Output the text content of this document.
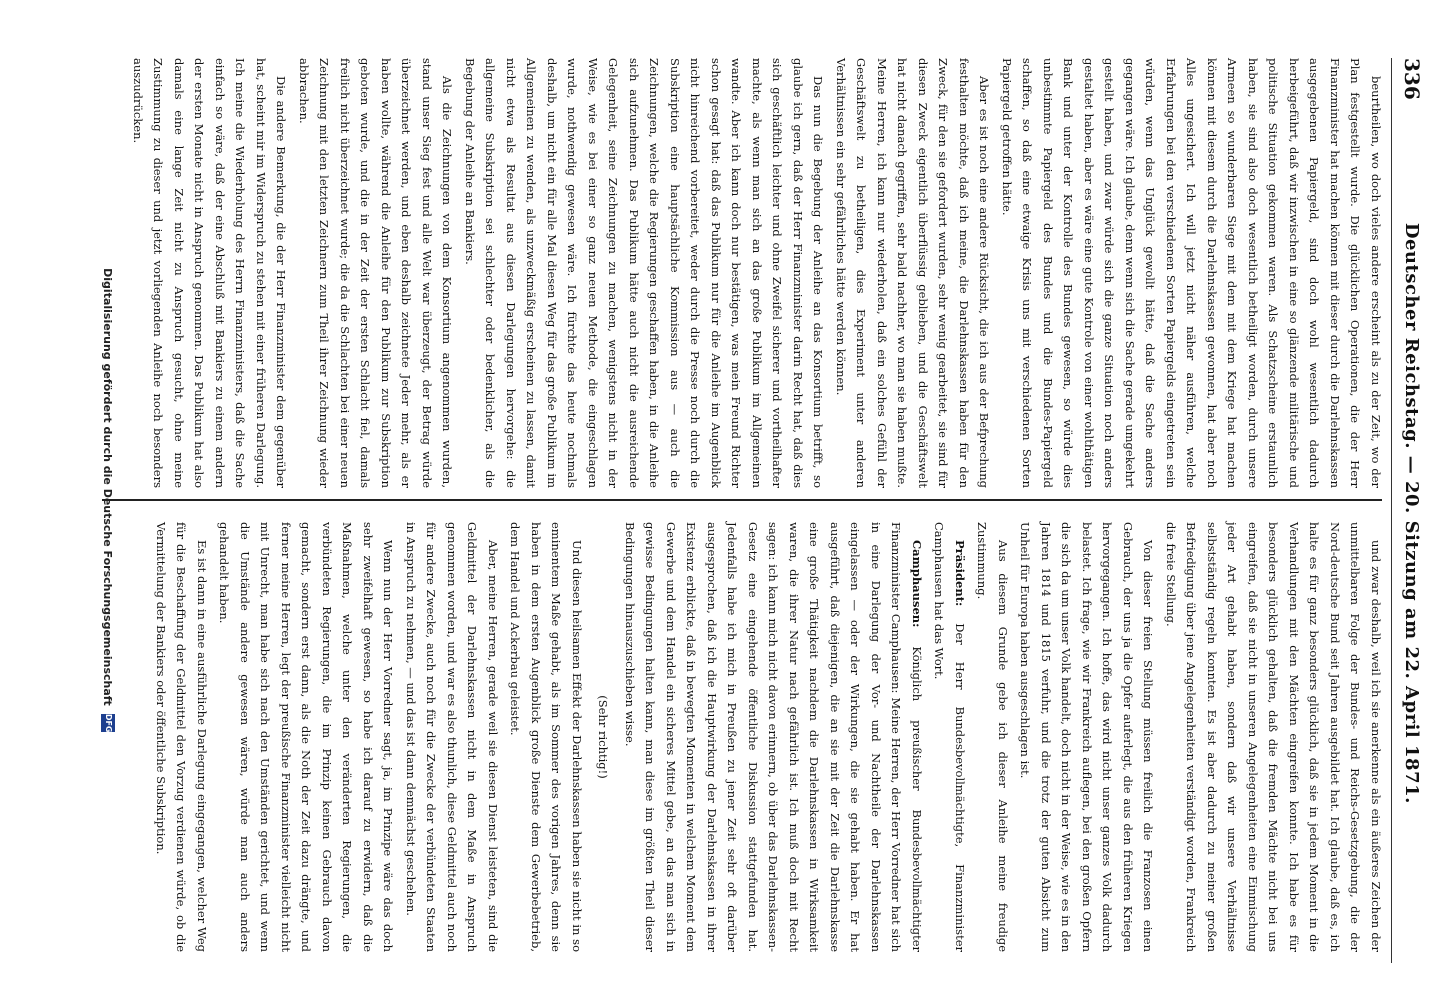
336
Deutscher Reichstag. — 20. Sitzung am 22. April 1871.

beurtheilen, wo doch vieles andere erscheint als zu der Zeit, wo der Plan festgestellt wurde. Die glücklichen Operationen, die der Herr Finanzminister hat machen können mit dieser durch die Darlehnskassen ausgegebenen Papiergeld, sind doch wohl wesentlich dadurch herbeigeführt, daß wir inzwischen in eine so glänzende militärische und politische Situation gekommen waren. Als Schatzscheine erstaunlich haben, sie sind also doch wesentlich betheiligt worden, durch unsere Armeen so wunderbaren Siege mit dem mit dem Kriege hat machen können mit diesem durch die Darlehnskassen gewonnen, hat aber noch Alles ungesichert. Ich will jetzt nicht näher ausführen, welche Erfahrungen bei den verschiedenen Sorten Papiergelds eingetreten sein würden, wenn das Unglück gewollt hätte, daß die Sache anders gegangen wäre. Ich glaube, denn wenn sich die Sache gerade umgekehrt gestellt haben, und zwar würde sich die ganze Situation noch anders gestaltet haben, aber es wäre eine gute Kontrole von einer wohlthätigen Bank und unter der Kontrolle des Bundes gewesen, so würde dies unbestimmte Papiergeld des Bundes und die Bundes-Papiergeld schaffen, so daß eine etwaige Krisis uns mit verschiedenen Sorten Papiergeld getroffen hätte.

Aber es ist noch eine andere Rücksicht, die ich aus der Befprechung festhalten möchte, daß ich meine, die Darlehnskassen haben für den Zweck, für den sie gefordert wurden, sehr wenig gearbeitet, sie sind für diesen Zweck eigentlich überflüssig geblieben, und die Geschäftswelt hat nicht danach gegriffen, sehr bald nachher, wo man sie haben mußte. Meine Herren, ich kann nur wiederholen, daß ein solches Gefühl der Geschäftswelt zu betheiligen, dies Experiment unter anderen Verhältnissen ein sehr gefährliches hätte werden können.

Das nun die Begebung der Anleihe an das Konsortium betrifft, so glaube ich gern, daß der Herr Finanzminister darin Recht hat, daß dies sich geschäftlich leichter und ohne Zweifel sicherer und vortheilhafter machte, als wenn man sich an das große Publikum im Allgemeinen wandte. Aber ich kann doch nur bestätigen, was mein Freund Richter schon gesagt hat: daß das Publikum nur für die Anleihe im Augenblick nicht hinreichend vorbereitet, weder durch die Presse noch durch die Subskription eine hauptsächliche Kommission aus — auch die Zeichnungen, welche die Regierungen geschaffen haben, in die Anleihe sich aufzunehmen. Das Publikum hätte auch nicht die ausreichende Gelegenheit, seine Zeichnungen zu machen, wenigstens nicht in der Weise, wie es bei einer so ganz neuen Methode, die eingeschlagen wurde, nothwendig gewesen wäre. Ich fürchte das heute nochmals deshalb, um nicht ein für alle Mal diesen Weg für das große Publikum im Allgemeinen zu wenden, als unzweckmäßig erscheinen zu lassen, damit nicht etwa als Resultat aus diesen Darlegungen hervorgehe: die allgemeine Subskription sei schlechter oder bedenklicher, als die Begebung der Anleihe an Bankiers.

Als die Zeichnungen von dem Konsortium angenommen wurden, stand unser Sieg fest und alle Welt war überzeugt, der Betrag würde überzeichnet werden, und eben deshalb zeichnete Jeder mehr, als er haben wollte, während die Anleihe für den Publikum zur Subskription geboten wurde, und die in der Zeit der ersten Schlacht fiel, damals freilich nicht überzeichnet wurde; die da die Schlachten bei einer neuen Zeichnung mit den letzten Zeichnern zum Theil ihrer Zeichnung wieder abbrachen.

Die andere Bemerkung, die der Herr Finanzminister dem gegenüber hat, scheint mir im Widerspruch zu stehen mit einer früheren Darlegung. Ich meine die Wiederholung des Herrn Finanzministers, daß die Sache einfach so wäre, daß der eine Abschluß mit Bankiers zu einem andern der ersten Monate nicht in Anspruch genommen. Das Publikum hat also damals eine lange Zeit nicht zu Anspruch gesucht, ohne meine Zustimmung zu dieser und jetzt vorliegenden Anleihe noch besonders auszudrücken.

und zwar deshalb, weil ich sie anerkenne als ein äußeres Zeichen der unmittelbaren Folge der Bundes- und Reichs-Gesetzgebung, die der Nord-deutsche Bund seit Jahren ausgebildet hat. Ich glaube, daß es, ich halte es für ganz besonders glücklich, daß sie in jedem Moment in die Verhandlungen mit den Mächten eingreifen konnte. Ich habe es für besonders glücklich gehalten, daß die fremden Mächte nicht bei uns eingreifen, daß sie nicht in unseren Angelegenheiten eine Einmischung jeder Art gehabt haben, sondern daß wir unsere Verhältnisse selbstständig regeln konnten. Es ist aber dadurch zu meiner großen Befriedigung über jene Angelegenheiten verständigt worden, Frankreich die freie Stellung.

Von dieser freien Stellung müssen freilich die Franzosen einen Gebrauch, der uns ja die Opfer auferlegt, die aus den früheren Kriegen hervorgegangen. Ich hoffe, das wird nicht unser ganzes Volk dadurch belastet. Ich frage, wie wir Frankreich auflegen, bei den großen Opfern die sich da um unser Volk handelt, doch nicht in der Weise, wie es in den Jahren 1814 und 1815 verfuhr, und die trotz der guten Absicht zum Unheil für Europa haben ausgeschlagen ist.

Aus diesem Grunde gebe ich dieser Anleihe meine freudige Zustimmung.

Präsident: Der Herr Bundesbevollmächtigte, Finanzminister Camphausen hat das Wort.

Camphausen: Königlich preußischer Bundesbevollmächtigter Finanzminister Camphausen: Meine Herren, der Herr Vorredner hat sich in eine Darlegung der Vor- und Nachtheile der Darlehnskassen eingelassen — oder der Wirkungen, die sie gehabt haben. Er hat ausgeführt, daß diejenigen, die an sie mit der Zeit die Darlehnskasse eine große Thätigkeit nachdem die Darlehnskassen in Wirksamkeit waren, die ihrer Natur nach gefährlich ist. Ich muß doch mit Recht sagen: ich kann mich nicht davon erinnern, ob über das Darlehnskassen-Gesetz eine eingehende öffentliche Diskussion stattgefunden hat. Jedenfalls habe ich mich in Preußen zu jener Zeit sehr oft darüber ausgesprochen, daß ich die Hauptwirkung der Darlehnskassen in ihrer Existenz erblickte, daß in bewegten Momenten in welchem Moment dem Gewerbe und dem Handel ein sicheres Mittel gebe, an das man sich in gewisse Bedingungen halten kann, man diese im größten Theil dieser Bedingungen hinauszuschieben wisse.

(Sehr richtig!)

Und diesen heilsamen Effekt der Darlehnskassen haben sie nicht in so eminentem Maße gehabt, als im Sommer des vorigen Jahres, denn sie haben in dem ersten Augenblick große Dienste dem Gewerbebetrieb, dem Handel und Ackerbau geleistet.

Aber, meine Herren, gerade weil sie diesen Dienst leisteten, sind die Geldmittel der Darlehnskassen nicht in dem Maße in Anspruch genommen worden, und war es also thunlich, diese Geldmittel auch noch für andere Zwecke, auch noch für die Zwecke der verbündeten Staaten in Anspruch zu nehmen, — und das ist dann demnächst geschehen.

Wenn nun der Herr Vorredner sagt, ja, im Prinzipe wäre das doch sehr zweifelhaft gewesen, so habe ich darauf zu erwidern, daß die Maßnahmen, welche unter den veränderten Regierungen, die verbündeten Regierungen, die im Prinzip keinen Gebrauch davon gemacht, sondern erst dann, als die Noth der Zeit dazu drängte, und ferner meine Herren, legt der preußische Finanzminister vielleicht nicht mit Unrecht, man habe sich nach den Umständen gerichtet, und wenn die Umstände andere gewesen wären, würde man auch anders gehandelt haben.

Es ist dann in eine ausführliche Darlegung eingegangen, welcher Weg für die Beschaffung der Geldmittel den Vorzug verdienen würde, ob die Vermittelung der Bankiers oder öffentliche Subskription.

Digitalisierung gefördert durch die Deutsche Forschungsgemeinschaft
DFG
